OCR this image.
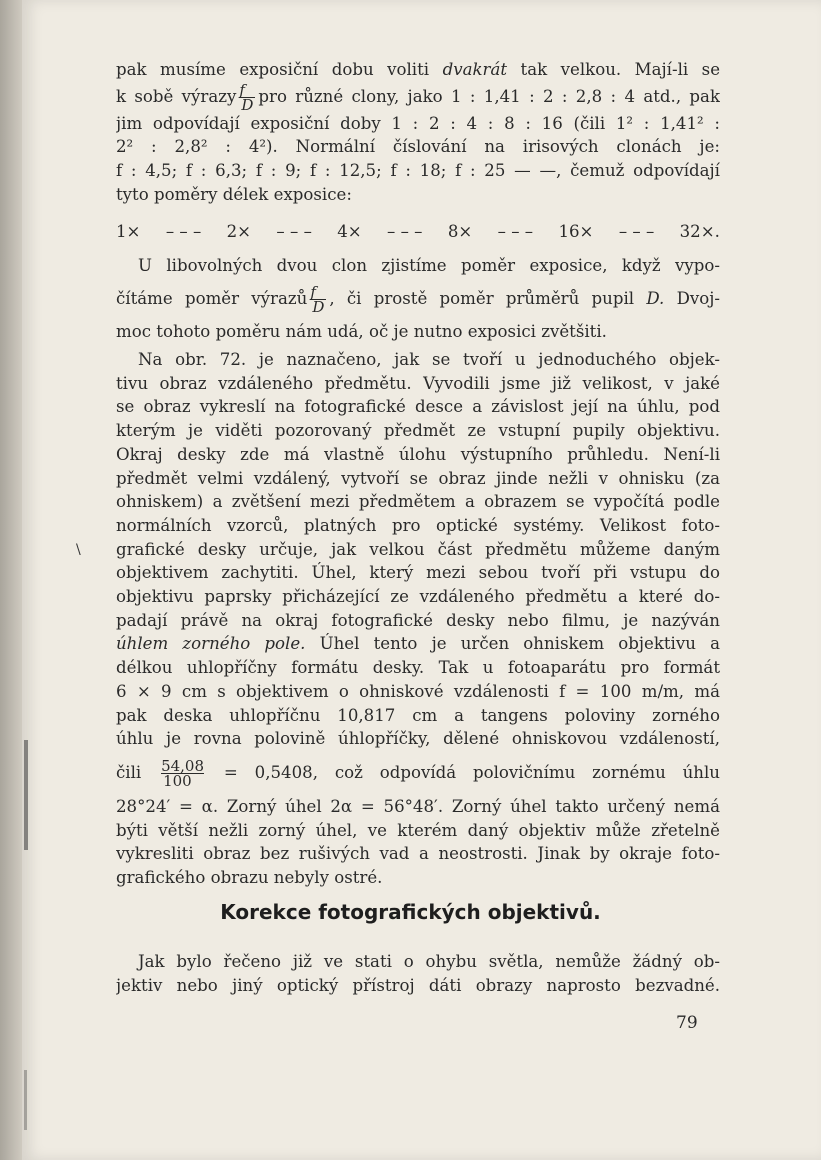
\
pak musíme exposiční dobu voliti dvakrát tak velkou. Mají-li se
k sobě výrazy $\frac{f}{D}$ pro různé clony, jako 1 : 1,41 : 2 : 2,8 : 4 atd., pak
jim odpovídají exposiční doby 1 : 2 : 4 : 8 : 16 (čili 1² : 1,41² :
2² : 2,8² : 4²). Normální číslování na irisových clonách je:
f : 4,5; f : 6,3; f : 9; f : 12,5; f : 18; f : 25 — —, čemuž odpovídají
tyto poměry délek exposice:
1× – – – 2× – – – 4× – – – 8× – – – 16× – – – 32×.
U libovolných dvou clon zjistíme poměr exposice, když vypo-
čítáme poměr výrazů $\frac{f}{D}$ , či prostě poměr průměrů pupil D. Dvoj-
moc tohoto poměru nám udá, oč je nutno exposici zvětšiti.
Na obr. 72. je naznačeno, jak se tvoří u jednoduchého objek-
tivu obraz vzdáleného předmětu. Vyvodili jsme již velikost, v jaké
se obraz vykreslí na fotografické desce a závislost její na úhlu, pod
kterým je viděti pozorovaný předmět ze vstupní pupily objektivu.
Okraj desky zde má vlastně úlohu výstupního průhledu. Není-li
předmět velmi vzdálený, vytvoří se obraz jinde nežli v ohnisku (za
ohniskem) a zvětšení mezi předmětem a obrazem se vypočítá podle
normálních vzorců, platných pro optické systémy. Velikost foto-
grafické desky určuje, jak velkou část předmětu můžeme daným
objektivem zachytiti. Úhel, který mezi sebou tvoří při vstupu do
objektivu paprsky přicházející ze vzdáleného předmětu a které do-
padají právě na okraj fotografické desky nebo filmu, je nazýván
úhlem zorného pole. Úhel tento je určen ohniskem objektivu a
délkou uhlopříčny formátu desky. Tak u fotoaparátu pro formát
6 × 9 cm s objektivem o ohniskové vzdálenosti f = 100 m/m, má
pak deska uhlopříčnu 10,817 cm a tangens poloviny zorného
úhlu je rovna polovině úhlopříčky, dělené ohniskovou vzdáleností,
čili $\frac{54,08}{100} = 0,5408$, což odpovídá polovičnímu zornému úhlu
28°24′ = α. Zorný úhel 2α = 56°48′. Zorný úhel takto určený nemá
býti větší nežli zorný úhel, ve kterém daný objektiv může zřetelně
vykresliti obraz bez rušivých vad a neostrosti. Jinak by okraje foto-
grafického obrazu nebyly ostré.
Korekce fotografických objektivů.
Jak bylo řečeno již ve stati o ohybu světla, nemůže žádný ob-
jektiv nebo jiný optický přístroj dáti obrazy naprosto bezvadné.
79
